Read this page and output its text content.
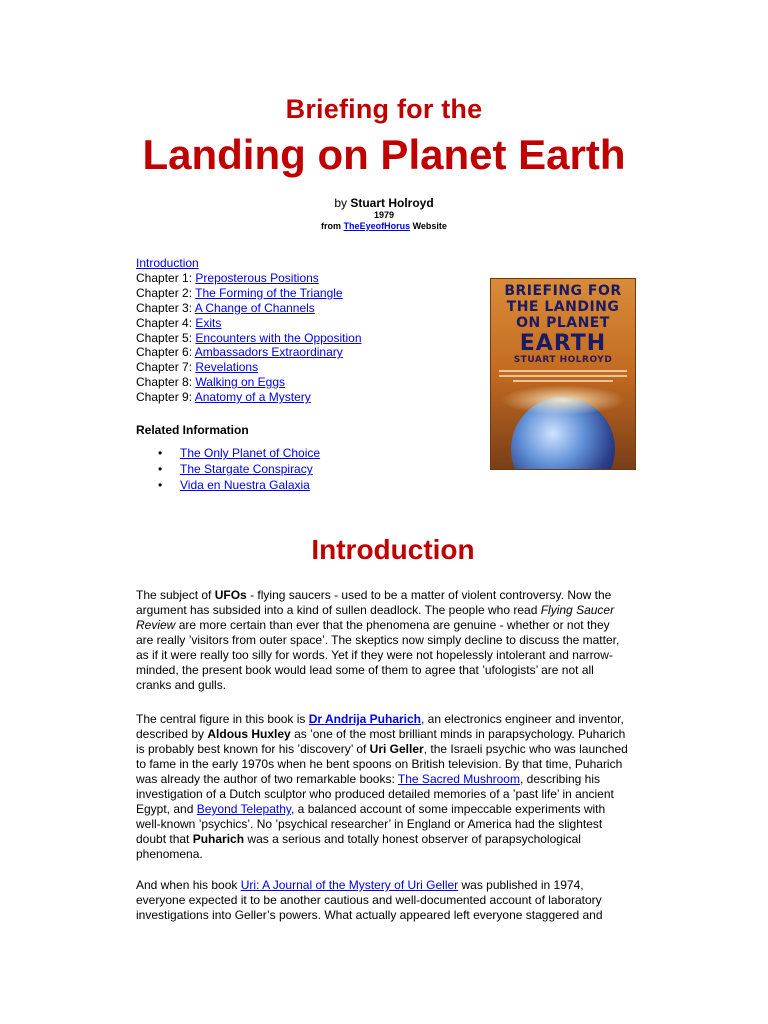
Briefing for the
Landing on Planet Earth
by Stuart Holroyd
1979
from TheEyeofHorus Website
Introduction
Chapter 1: Preposterous Positions
Chapter 2: The Forming of the Triangle
Chapter 3: A Change of Channels
Chapter 4: Exits
Chapter 5: Encounters with the Opposition
Chapter 6: Ambassadors Extraordinary
Chapter 7: Revelations
Chapter 8: Walking on Eggs
Chapter 9: Anatomy of a Mystery
Related Information
• The Only Planet of Choice
• The Stargate Conspiracy
• Vida en Nuestra Galaxia
BRIEFING FOR
THE LANDING
ON PLANET
EARTH
STUART HOLROYD
Introduction
The subject of UFOs - flying saucers - used to be a matter of violent controversy. Now the
argument has subsided into a kind of sullen deadlock. The people who read Flying Saucer
Review are more certain than ever that the phenomena are genuine - whether or not they
are really ’visitors from outer space’. The skeptics now simply decline to discuss the matter,
as if it were really too silly for words. Yet if they were not hopelessly intolerant and narrow-
minded, the present book would lead some of them to agree that ’ufologists’ are not all
cranks and gulls.
The central figure in this book is Dr Andrija Puharich, an electronics engineer and inventor,
described by Aldous Huxley as ’one of the most brilliant minds in parapsychology. Puharich
is probably best known for his ’discovery’ of Uri Geller, the Israeli psychic who was launched
to fame in the early 1970s when he bent spoons on British television. By that time, Puharich
was already the author of two remarkable books: The Sacred Mushroom, describing his
investigation of a Dutch sculptor who produced detailed memories of a ’past life’ in ancient
Egypt, and Beyond Telepathy, a balanced account of some impeccable experiments with
well-known ’psychics’. No ’psychical researcher’ in England or America had the slightest
doubt that Puharich was a serious and totally honest observer of parapsychological
phenomena.
And when his book Uri: A Journal of the Mystery of Uri Geller was published in 1974,
everyone expected it to be another cautious and well-documented account of laboratory
investigations into Geller’s powers. What actually appeared left everyone staggered and
